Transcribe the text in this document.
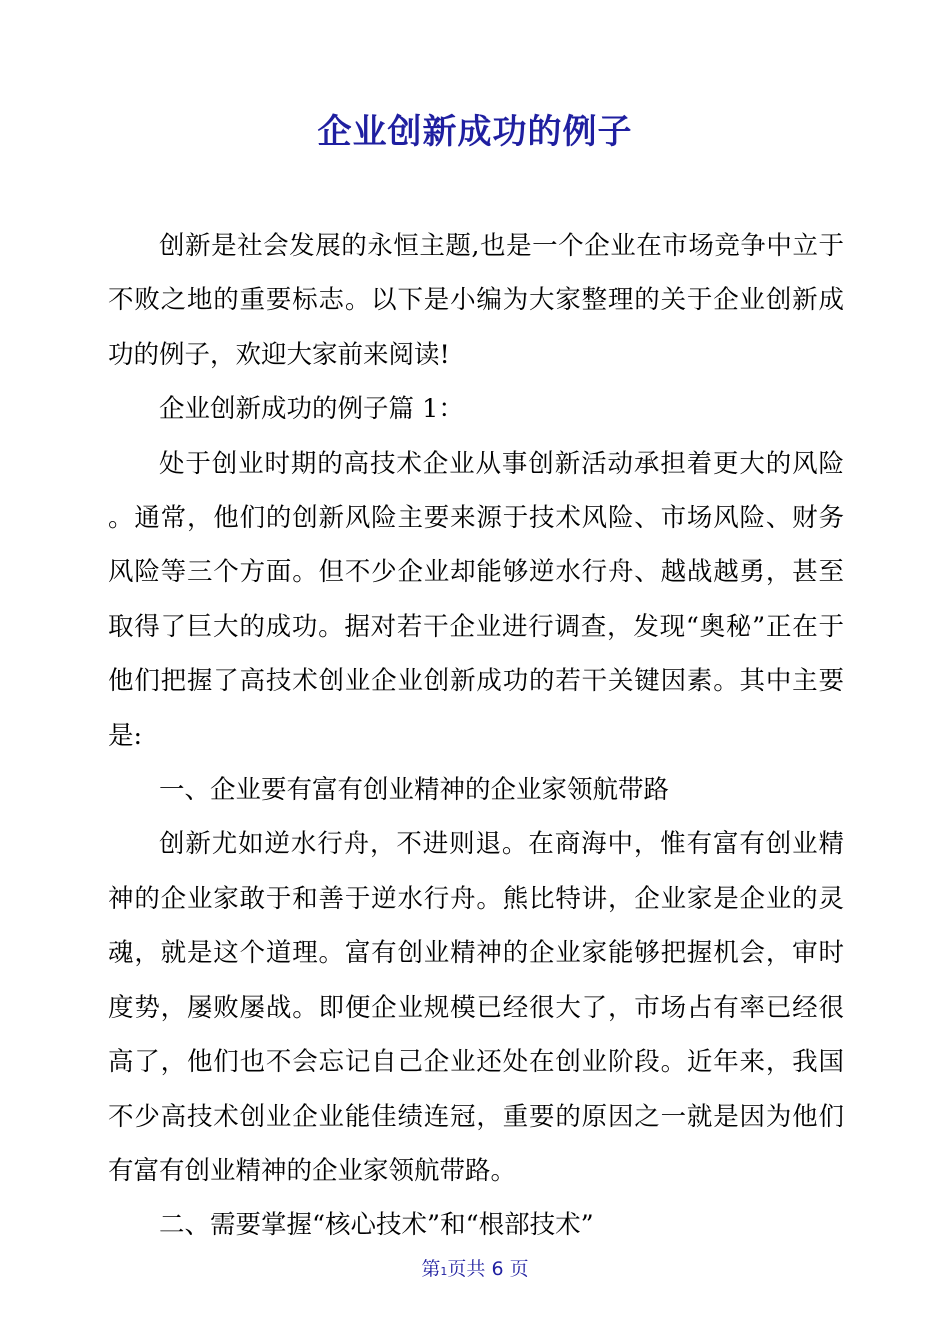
企业创新成功的例子

创新是社会发展的永恒主题,也是一个企业在市场竞争中立于不败之地的重要标志。以下是小编为大家整理的关于企业创新成功的例子，欢迎大家前来阅读!

企业创新成功的例子篇 1：

处于创业时期的高技术企业从事创新活动承担着更大的风险。通常，他们的创新风险主要来源于技术风险、市场风险、财务风险等三个方面。但不少企业却能够逆水行舟、越战越勇，甚至取得了巨大的成功。据对若干企业进行调查，发现“奥秘”正在于他们把握了高技术创业企业创新成功的若干关键因素。其中主要是:

一、企业要有富有创业精神的企业家领航带路

创新尤如逆水行舟，不进则退。在商海中，惟有富有创业精神的企业家敢于和善于逆水行舟。熊比特讲，企业家是企业的灵魂，就是这个道理。富有创业精神的企业家能够把握机会，审时度势，屡败屡战。即便企业规模已经很大了，市场占有率已经很高了，他们也不会忘记自己企业还处在创业阶段。近年来，我国不少高技术创业企业能佳绩连冠，重要的原因之一就是因为他们有富有创业精神的企业家领航带路。

二、需要掌握“核心技术”和“根部技术”

第1页共 6 页
